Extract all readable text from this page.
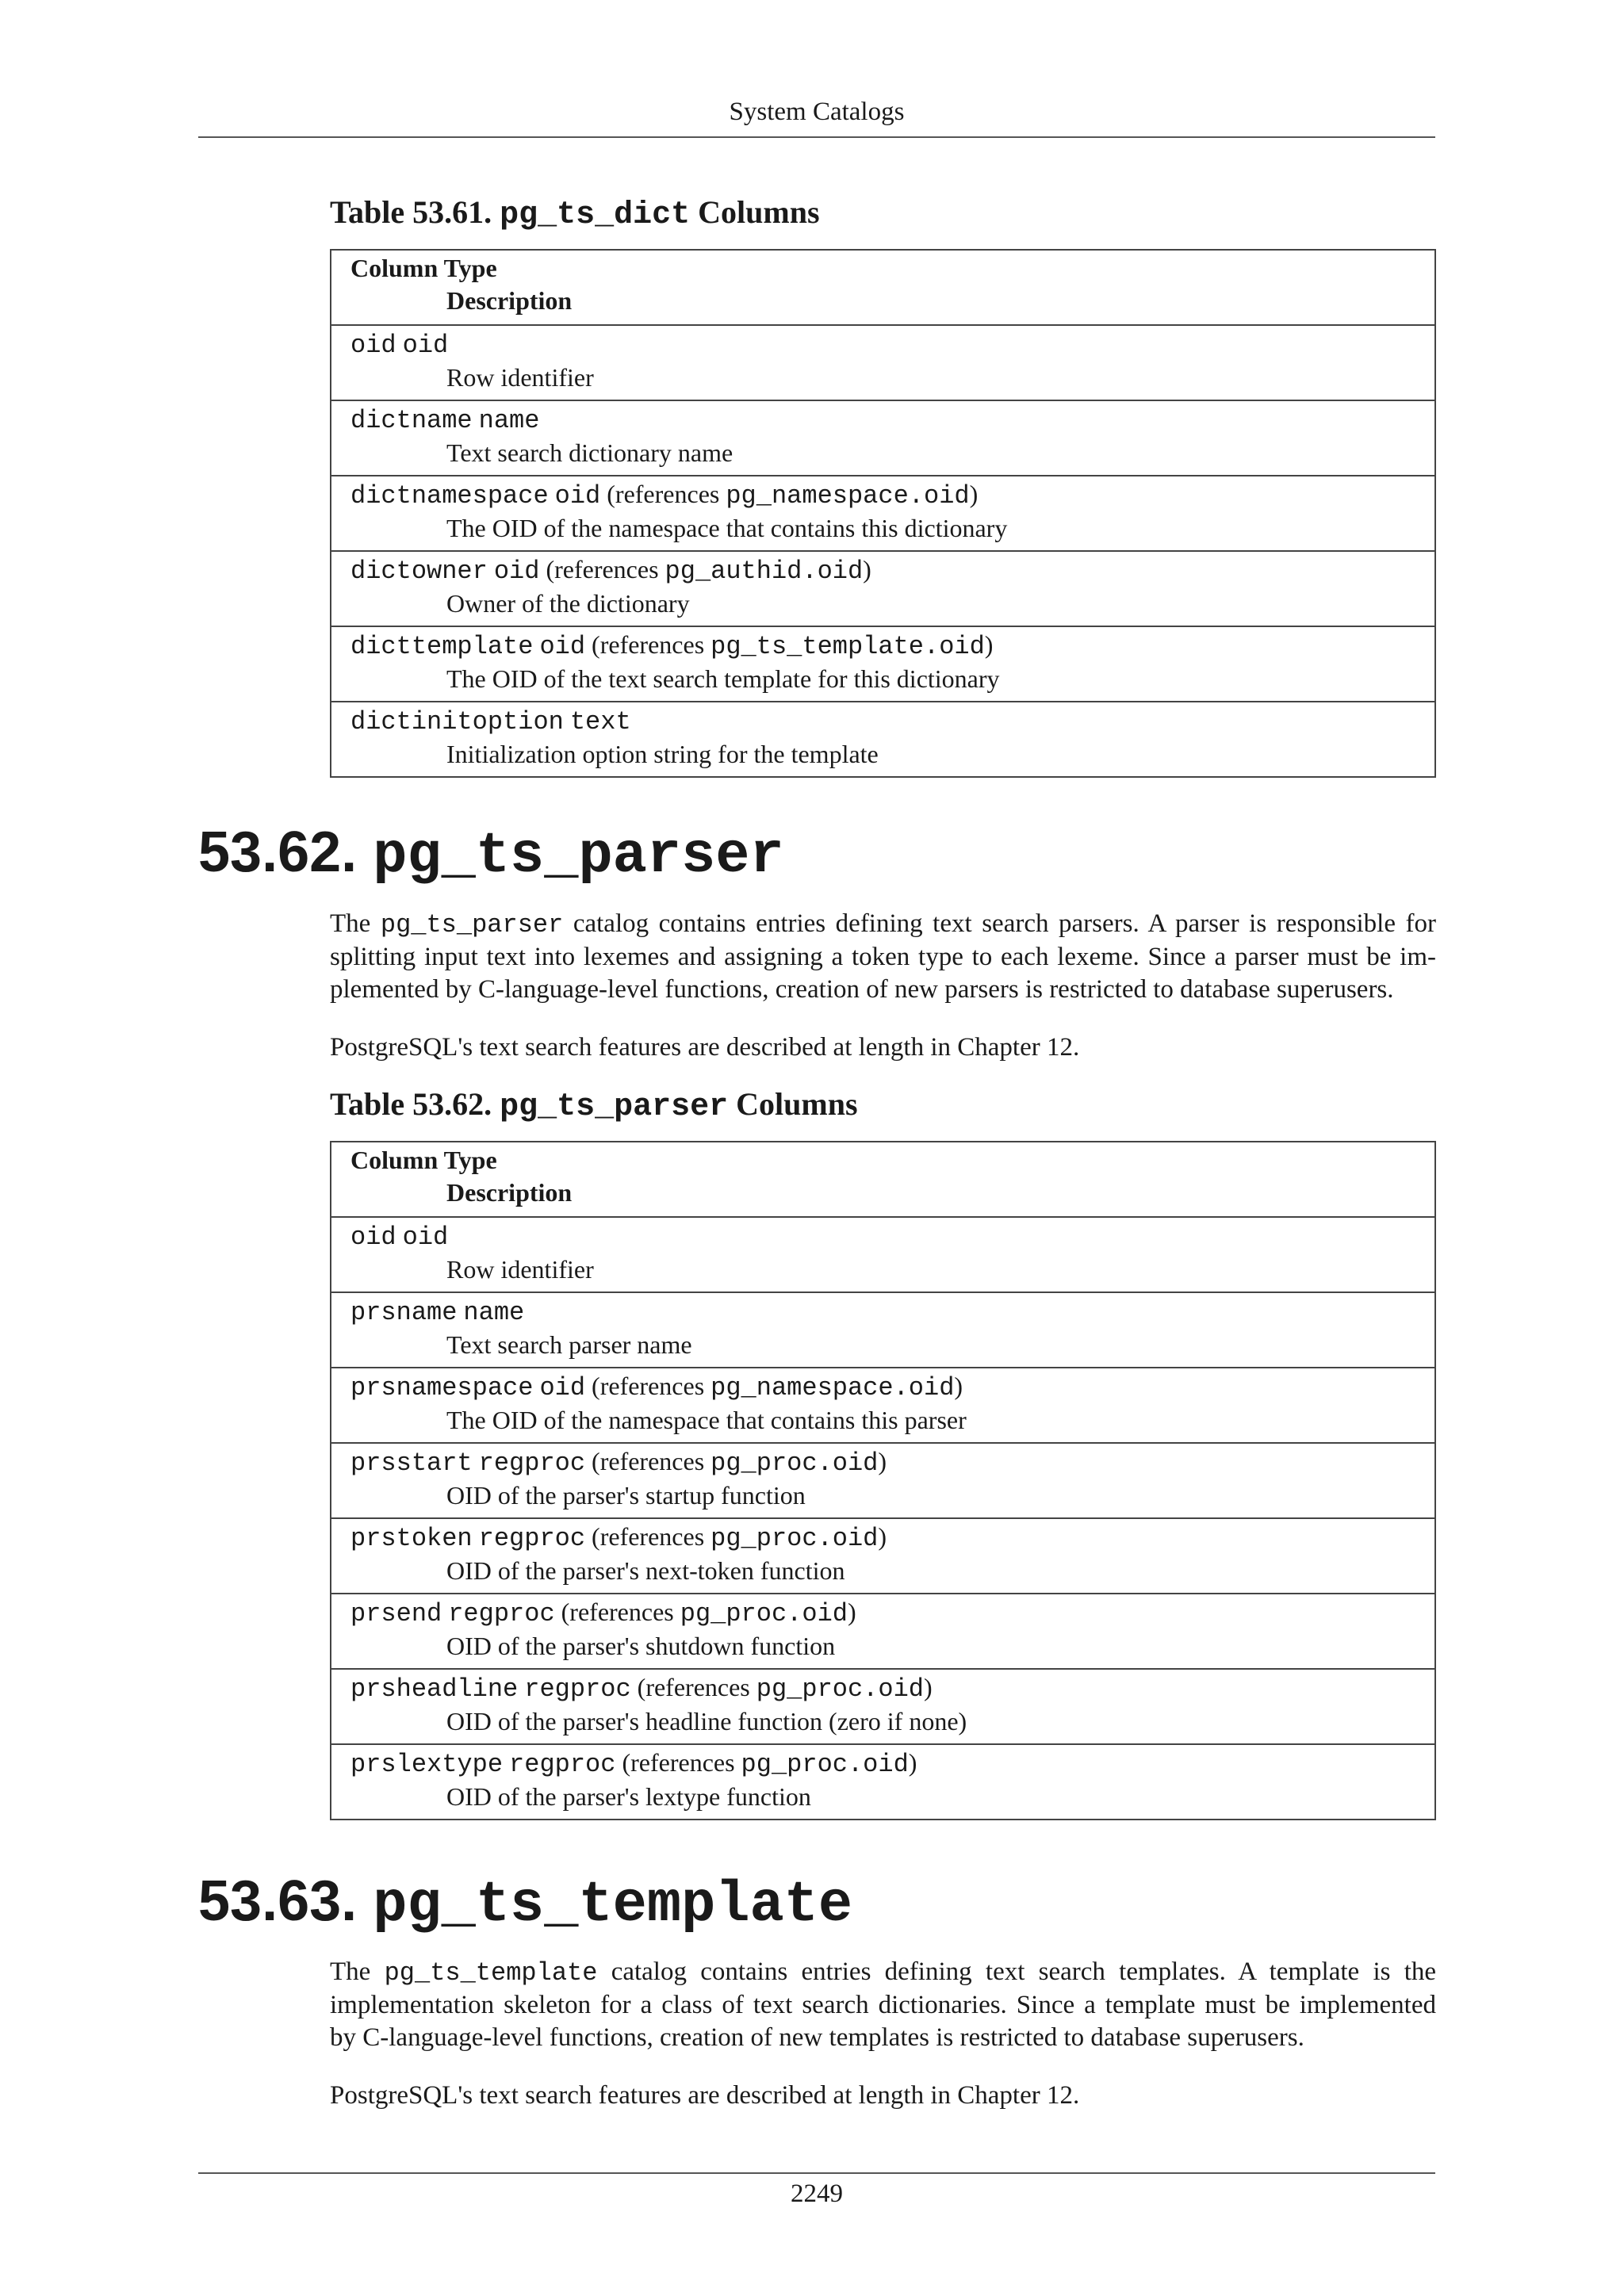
System Catalogs
Table 53.61. pg_ts_dict Columns
Column Type
Description

oid oid
Row identifier

dictname name
Text search dictionary name

dictnamespace oid (references pg_namespace.oid)
The OID of the namespace that contains this dictionary

dictowner oid (references pg_authid.oid)
Owner of the dictionary

dicttemplate oid (references pg_ts_template.oid)
The OID of the text search template for this dictionary

dictinitoption text
Initialization option string for the template
53.62. pg_ts_parser
The pg_ts_parser catalog contains entries defining text search parsers. A parser is responsible for
splitting input text into lexemes and assigning a token type to each lexeme. Since a parser must be im-
plemented by C-language-level functions, creation of new parsers is restricted to database superusers.
PostgreSQL's text search features are described at length in Chapter 12.
Table 53.62. pg_ts_parser Columns
Column Type
Description

oid oid
Row identifier

prsname name
Text search parser name

prsnamespace oid (references pg_namespace.oid)
The OID of the namespace that contains this parser

prsstart regproc (references pg_proc.oid)
OID of the parser's startup function

prstoken regproc (references pg_proc.oid)
OID of the parser's next-token function

prsend regproc (references pg_proc.oid)
OID of the parser's shutdown function

prsheadline regproc (references pg_proc.oid)
OID of the parser's headline function (zero if none)

prslextype regproc (references pg_proc.oid)
OID of the parser's lextype function
53.63. pg_ts_template
The pg_ts_template catalog contains entries defining text search templates. A template is the
implementation skeleton for a class of text search dictionaries. Since a template must be implemented
by C-language-level functions, creation of new templates is restricted to database superusers.
PostgreSQL's text search features are described at length in Chapter 12.
2249
